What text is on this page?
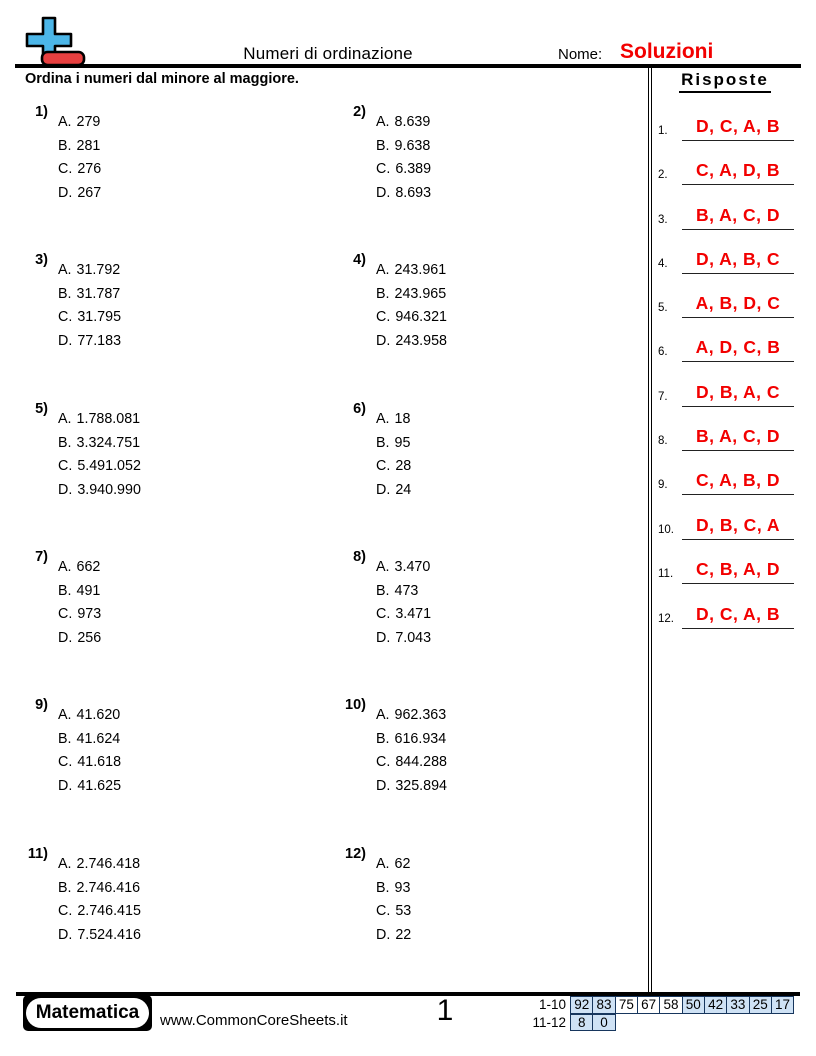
Numeri di ordinazione	Nome: Soluzioni
Ordina i numeri dal minore al maggiore.
1)
A. 279
B. 281
C. 276
D. 267
2)
A. 8.639
B. 9.638
C. 6.389
D. 8.693
3)
A. 31.792
B. 31.787
C. 31.795
D. 77.183
4)
A. 243.961
B. 243.965
C. 946.321
D. 243.958
5)
A. 1.788.081
B. 3.324.751
C. 5.491.052
D. 3.940.990
6)
A. 18
B. 95
C. 28
D. 24
7)
A. 662
B. 491
C. 973
D. 256
8)
A. 3.470
B. 473
C. 3.471
D. 7.043
9)
A. 41.620
B. 41.624
C. 41.618
D. 41.625
10)
A. 962.363
B. 616.934
C. 844.288
D. 325.894
11)
A. 2.746.418
B. 2.746.416
C. 2.746.415
D. 7.524.416
12)
A. 62
B. 93
C. 53
D. 22
Risposte
1.	D, C, A, B
2.	C, A, D, B
3.	B, A, C, D
4.	D, A, B, C
5.	A, B, D, C
6.	A, D, C, B
7.	D, B, A, C
8.	B, A, C, D
9.	C, A, B, D
10.	D, B, C, A
11.	C, B, A, D
12.	D, C, A, B
Matematica	www.CommonCoreSheets.it	1	1-10 92 83 75 67 58 50 42 33 25 17
11-12 8	0
